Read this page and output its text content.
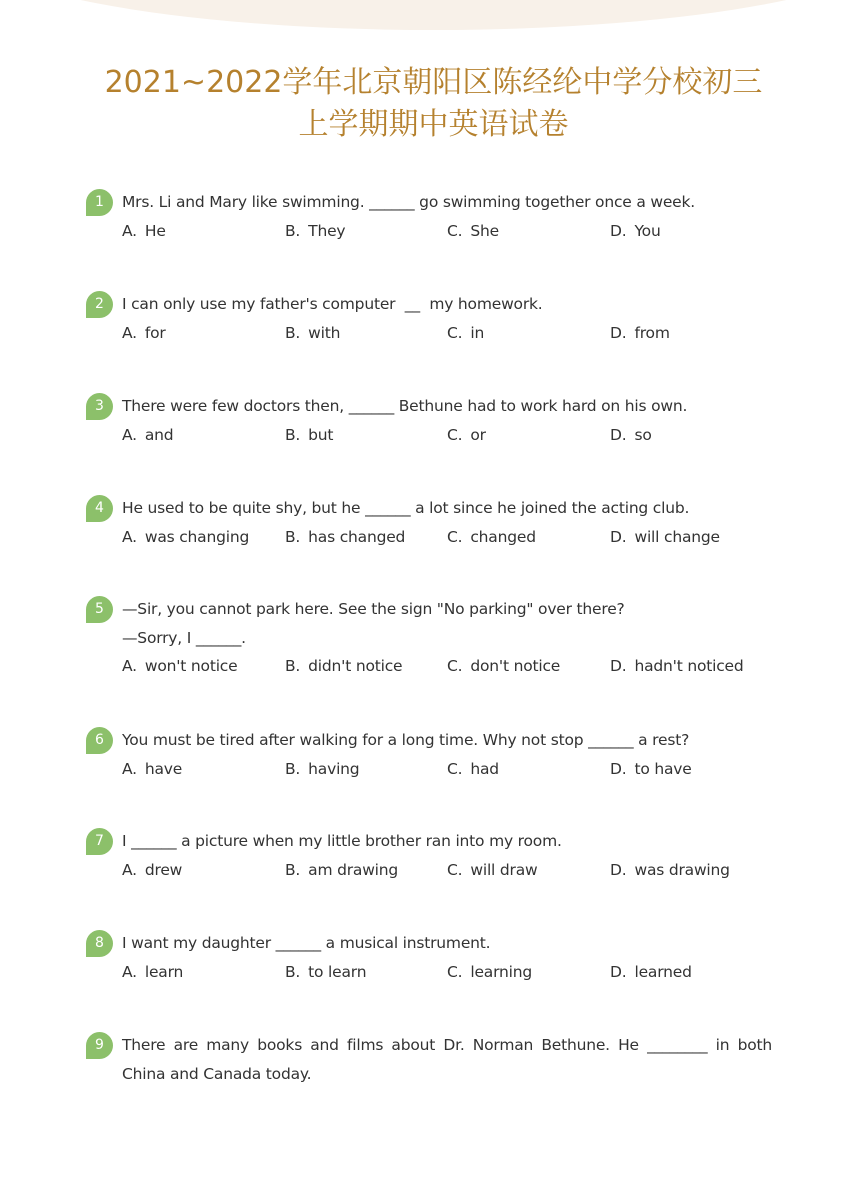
2021~2022学年北京朝阳区陈经纶中学分校初三
上学期期中英语试卷
1	Mrs. Li and Mary like swimming. ______ go swimming together once a week.
A. He	B. They	C. She	D. You
2	I can only use my father's computer  __  my homework.
A. for	B. with	C. in	D. from
3	There were few doctors then, ______ Bethune had to work hard on his own.
A. and	B. but	C. or	D. so
4	He used to be quite shy, but he ______ a lot since he joined the acting club.
A. was changing B. has changed	C. changed	D. will change
5	—Sir, you cannot park here. See the sign "No parking" over there?
—Sorry, I ______.
A. won't notice	B. didn't notice	C. don't notice	D. hadn't noticed
6	You must be tired after walking for a long time. Why not stop ______ a rest?
A. have	B. having	C. had	D. to have
7	I ______ a picture when my little brother ran into my room.
A. drew	B. am drawing	C. will draw	D. was drawing
8	I want my daughter ______ a musical instrument.
A. learn	B. to learn	C. learning	D. learned
9	There are many books and films about Dr. Norman Bethune. He ________ in both China and Canada today.
